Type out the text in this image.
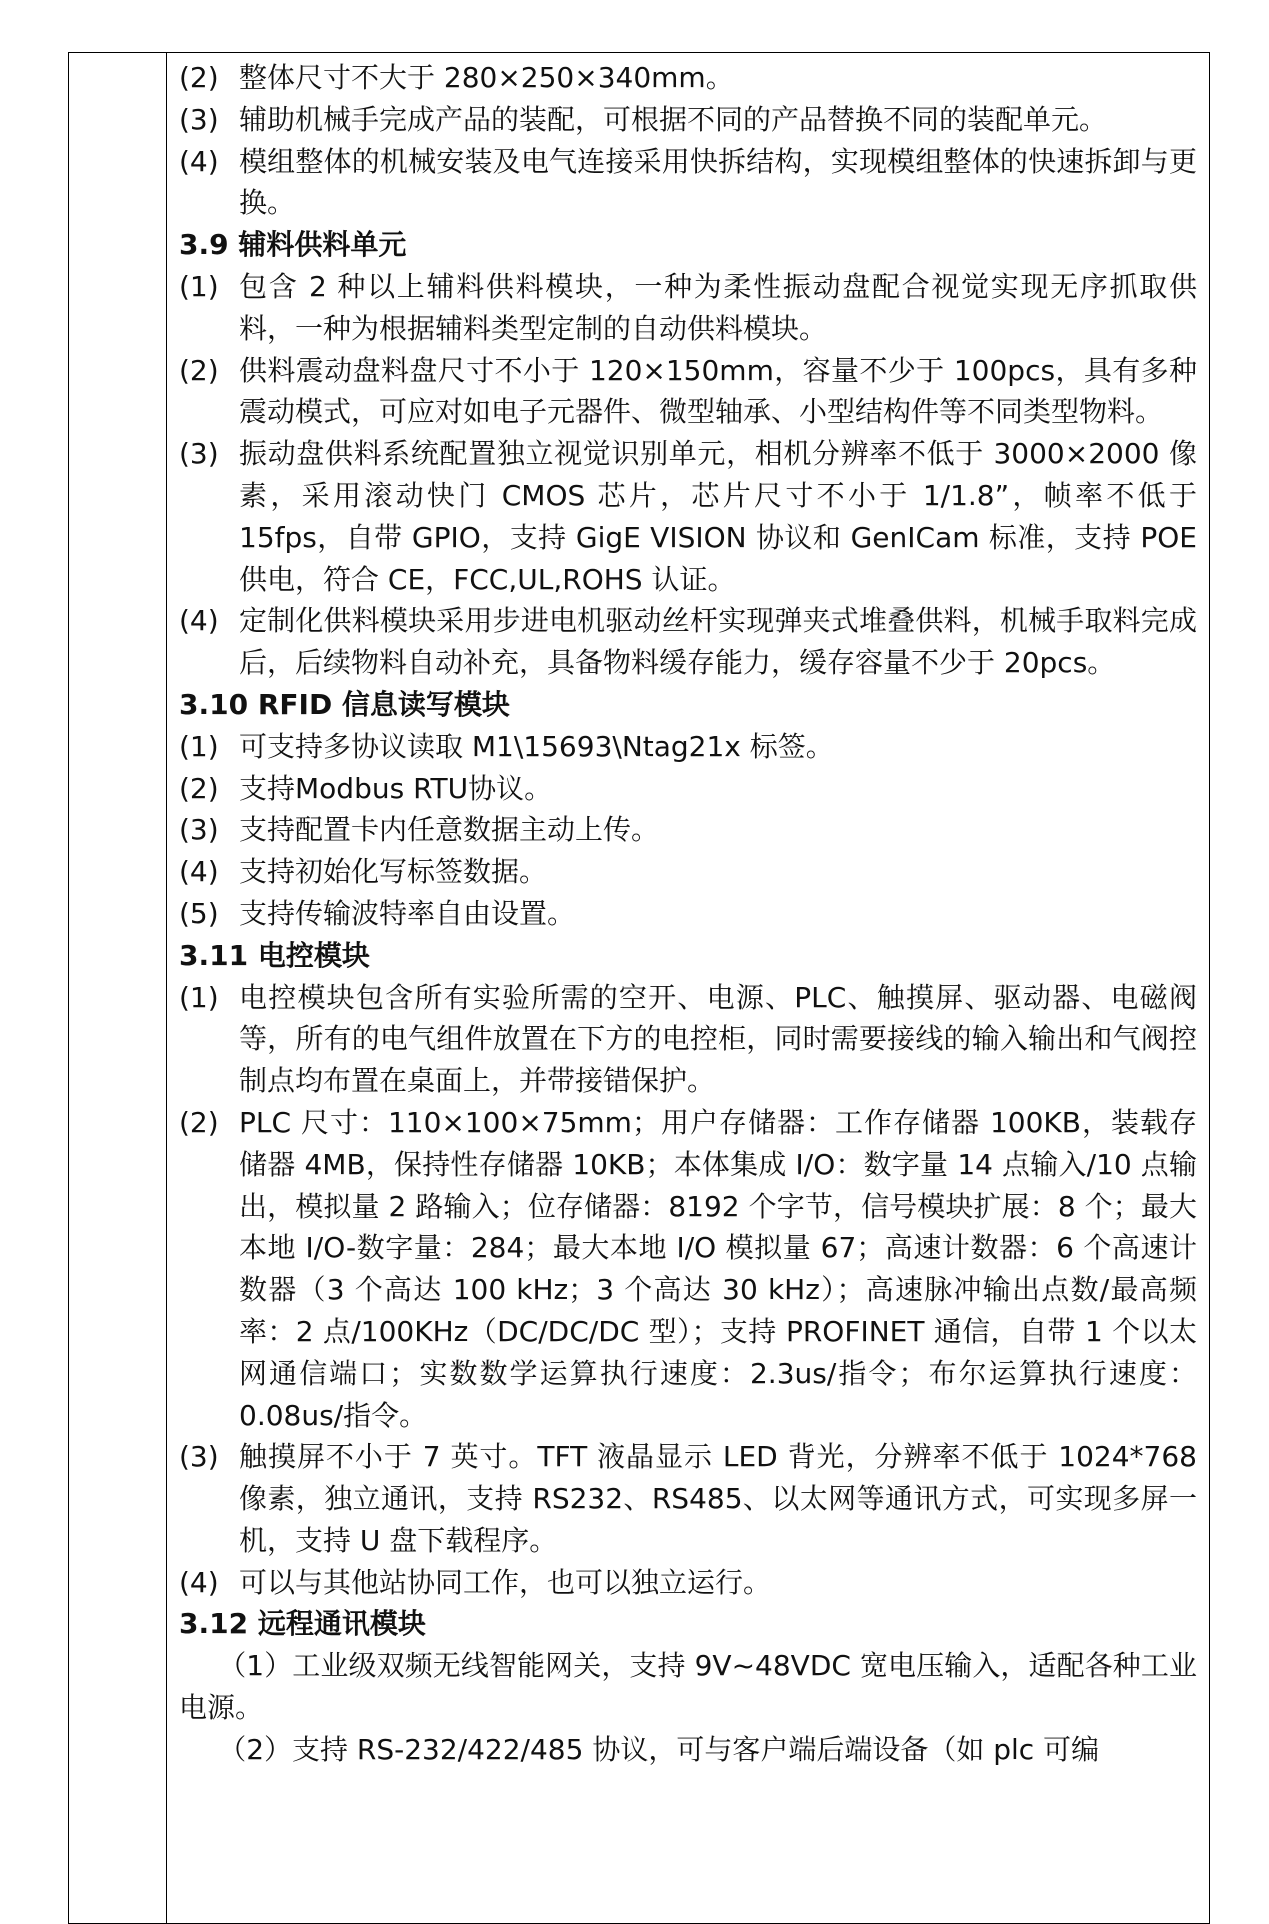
(2) 整体尺寸不大于 280×250×340mm。
(3) 辅助机械手完成产品的装配，可根据不同的产品替换不同的装配单元。
(4) 模组整体的机械安装及电气连接采用快拆结构，实现模组整体的快速拆卸与更换。
3.9 辅料供料单元
(1) 包含 2 种以上辅料供料模块，一种为柔性振动盘配合视觉实现无序抓取供料，一种为根据辅料类型定制的自动供料模块。
(2) 供料震动盘料盘尺寸不小于 120×150mm，容量不少于 100pcs，具有多种震动模式，可应对如电子元器件、微型轴承、小型结构件等不同类型物料。
(3) 振动盘供料系统配置独立视觉识别单元，相机分辨率不低于 3000×2000 像素，采用滚动快门 CMOS 芯片，芯片尺寸不小于 1/1.8”，帧率不低于 15fps，自带 GPIO，支持 GigE VISION 协议和 GenICam 标准，支持 POE 供电，符合 CE，FCC,UL,ROHS 认证。
(4) 定制化供料模块采用步进电机驱动丝杆实现弹夹式堆叠供料，机械手取料完成后，后续物料自动补充，具备物料缓存能力，缓存容量不少于 20pcs。
3.10 RFID 信息读写模块
(1) 可支持多协议读取 M1\15693\Ntag21x 标签。
(2) 支持Modbus RTU协议。
(3) 支持配置卡内任意数据主动上传。
(4) 支持初始化写标签数据。
(5) 支持传输波特率自由设置。
3.11 电控模块
(1) 电控模块包含所有实验所需的空开、电源、PLC、触摸屏、驱动器、电磁阀等，所有的电气组件放置在下方的电控柜，同时需要接线的输入输出和气阀控制点均布置在桌面上，并带接错保护。
(2) PLC 尺寸：110×100×75mm；用户存储器：工作存储器 100KB，装载存储器 4MB，保持性存储器 10KB；本体集成 I/O：数字量 14 点输入/10 点输出，模拟量 2 路输入；位存储器：8192 个字节，信号模块扩展：8 个；最大本地 I/O-数字量：284；最大本地 I/O 模拟量 67；高速计数器：6 个高速计数器（3 个高达 100 kHz；3 个高达 30 kHz）；高速脉冲输出点数/最高频率：2 点/100KHz（DC/DC/DC 型）；支持 PROFINET 通信，自带 1 个以太网通信端口；实数数学运算执行速度：2.3us/指令；布尔运算执行速度：0.08us/指令。
(3) 触摸屏不小于 7 英寸。TFT 液晶显示 LED 背光，分辨率不低于 1024*768 像素，独立通讯，支持 RS232、RS485、以太网等通讯方式，可实现多屏一机，支持 U 盘下载程序。
(4) 可以与其他站协同工作，也可以独立运行。
3.12 远程通讯模块
（1）工业级双频无线智能网关，支持 9V~48VDC 宽电压输入，适配各种工业电源。
（2）支持 RS-232/422/485 协议，可与客户端后端设备（如 plc 可编
